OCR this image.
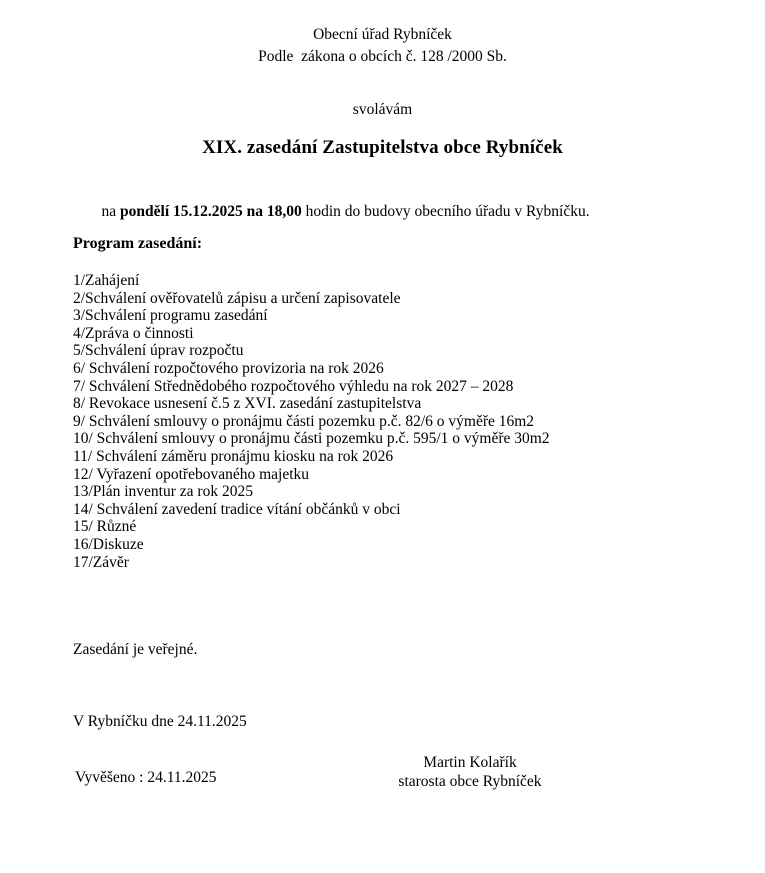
Obecní úřad Rybníček
Podle  zákona o obcích č. 128 /2000 Sb.
svolávám
XIX. zasedání Zastupitelstva obce Rybníček

na pondělí 15.12.2025 na 18,00 hodin do budovy obecního úřadu v Rybníčku.

Program zasedání:
1/Zahájení
2/Schválení ověřovatelů zápisu a určení zapisovatele
3/Schválení programu zasedání
4/Zpráva o činnosti
5/Schválení úprav rozpočtu
6/ Schválení rozpočtového provizoria na rok 2026
7/ Schválení Střednědobého rozpočtového výhledu na rok 2027 – 2028
8/ Revokace usnesení č.5 z XVI. zasedání zastupitelstva
9/ Schválení smlouvy o pronájmu části pozemku p.č. 82/6 o výměře 16m2
10/ Schválení smlouvy o pronájmu části pozemku p.č. 595/1 o výměře 30m2
11/ Schválení záměru pronájmu kiosku na rok 2026
12/ Vyřazení opotřebovaného majetku
13/Plán inventur za rok 2025
14/ Schválení zavedení tradice vítání občánků v obci
15/ Různé
16/Diskuze
17/Závěr
Zasedání je veřejné.
V Rybníčku dne 24.11.2025
Martin Kolařík
starosta obce Rybníček
Vyvěšeno : 24.11.2025
